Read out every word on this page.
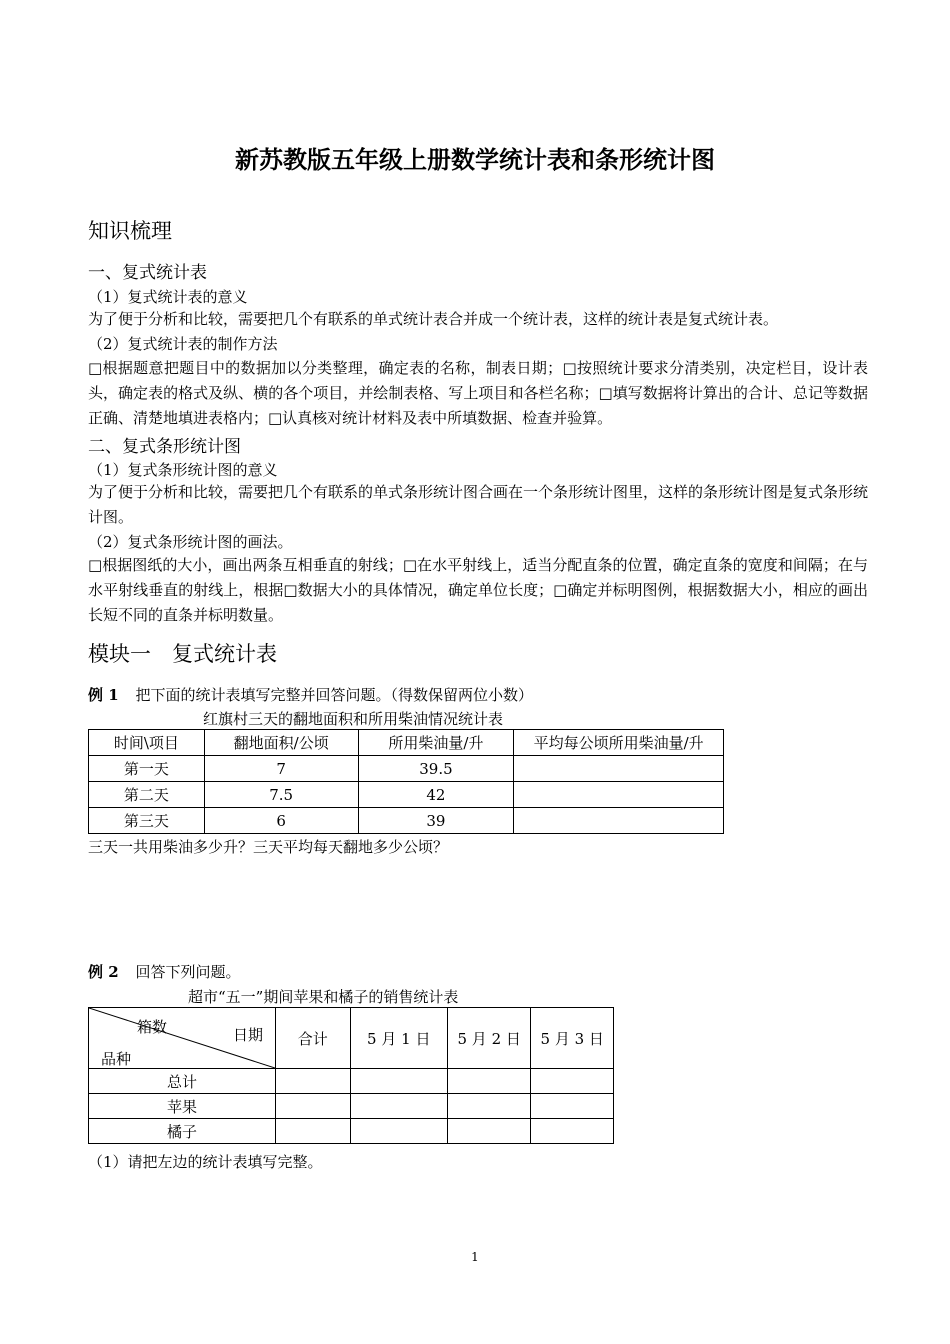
新苏教版五年级上册数学统计表和条形统计图
知识梳理
一、复式统计表
（1）复式统计表的意义
为了便于分析和比较，需要把几个有联系的单式统计表合并成一个统计表，这样的统计表是复式统计表。
（2）复式统计表的制作方法
□根据题意把题目中的数据加以分类整理，确定表的名称，制表日期；□按照统计要求分清类别，决定栏目，设计表头，确定表的格式及纵、横的各个项目，并绘制表格、写上项目和各栏名称；□填写数据将计算出的合计、总记等数据正确、清楚地填进表格内；□认真核对统计材料及表中所填数据、检查并验算。
二、复式条形统计图
（1）复式条形统计图的意义
为了便于分析和比较，需要把几个有联系的单式条形统计图合画在一个条形统计图里，这样的条形统计图是复式条形统计图。
（2）复式条形统计图的画法。
□根据图纸的大小，画出两条互相垂直的射线；□在水平射线上，适当分配直条的位置，确定直条的宽度和间隔；在与水平射线垂直的射线上，根据□数据大小的具体情况，确定单位长度；□确定并标明图例，根据数据大小，相应的画出长短不同的直条并标明数量。
模块一　复式统计表
例 1 把下面的统计表填写完整并回答问题。（得数保留两位小数）
红旗村三天的翻地面积和所用柴油情况统计表
时间\项目	翻地面积/公顷	所用柴油量/升	平均每公顷所用柴油量/升
第一天	7	39.5	
第二天	7.5	42	
第三天	6	39	
三天一共用柴油多少升？三天平均每天翻地多少公顷？
例 2 回答下列问题。
超市“五一”期间苹果和橘子的销售统计表
箱数 日期
品种	合计	5 月 1 日	5 月 2 日	5 月 3 日
总计				
苹果				
橘子				
（1）请把左边的统计表填写完整。
1
